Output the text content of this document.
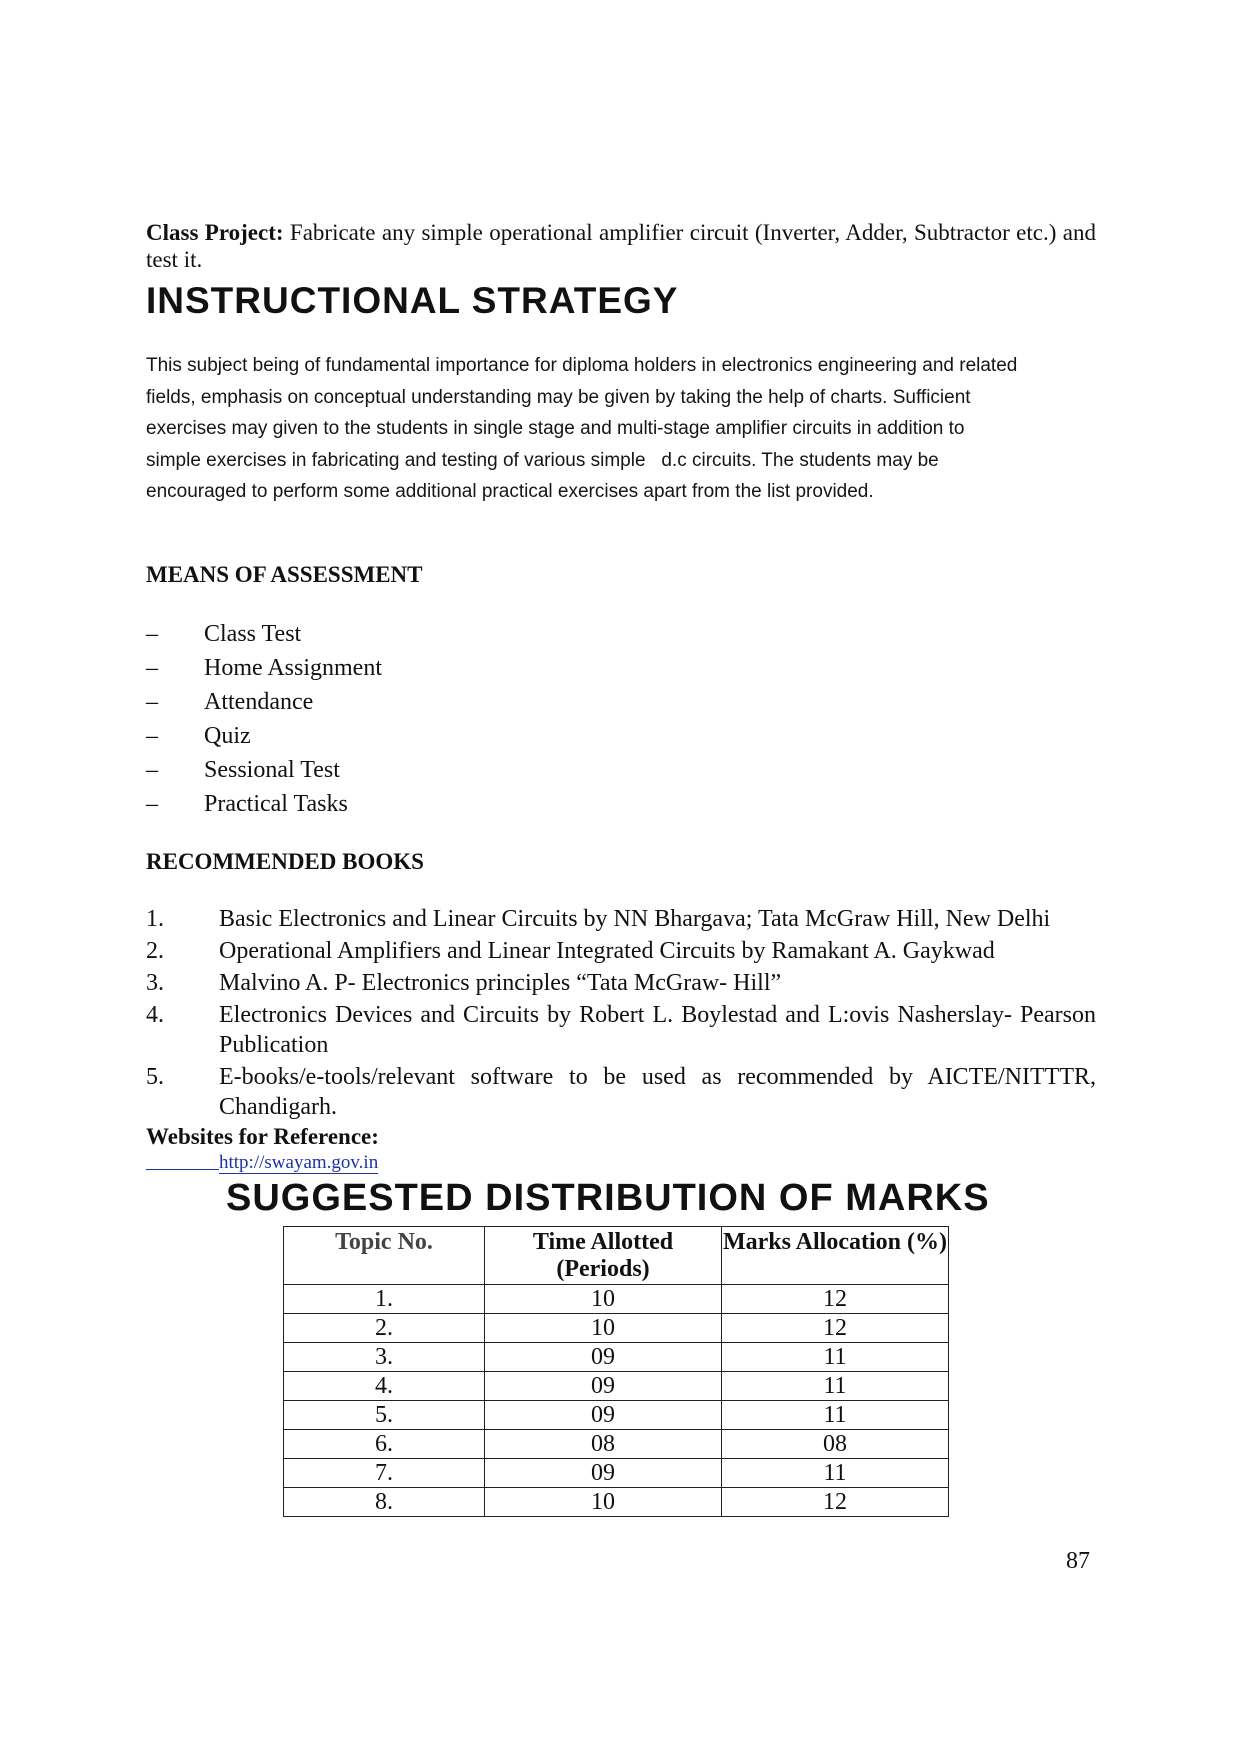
Class Project: Fabricate any simple operational amplifier circuit (Inverter, Adder, Subtractor etc.) and test it.
INSTRUCTIONAL STRATEGY
This subject being of fundamental importance for diploma holders in electronics engineering and related
fields, emphasis on conceptual understanding may be given by taking the help of charts. Sufficient
exercises may given to the students in single stage and multi-stage amplifier circuits in addition to
simple exercises in fabricating and testing of various simple   d.c circuits. The students may be
encouraged to perform some additional practical exercises apart from the list provided.
MEANS OF ASSESSMENT
– Class Test
– Home Assignment
– Attendance
– Quiz
– Sessional Test
– Practical Tasks
RECOMMENDED BOOKS
1. Basic Electronics and Linear Circuits by NN Bhargava; Tata McGraw Hill, New Delhi
2. Operational Amplifiers and Linear Integrated Circuits by Ramakant A. Gaykwad
3. Malvino A. P- Electronics principles “Tata McGraw- Hill”
4. Electronics Devices and Circuits by Robert L. Boylestad and L:ovis Nasherslay- Pearson Publication
5. E-books/e-tools/relevant software to be used as recommended by AICTE/NITTTR, Chandigarh.
Websites for Reference:
http://swayam.gov.in
SUGGESTED DISTRIBUTION OF MARKS
Topic No.	Time Allotted (Periods)	Marks Allocation (%)
1.	10	12
2.	10	12
3.	09	11
4.	09	11
5.	09	11
6.	08	08
7.	09	11
8.	10	12
87
